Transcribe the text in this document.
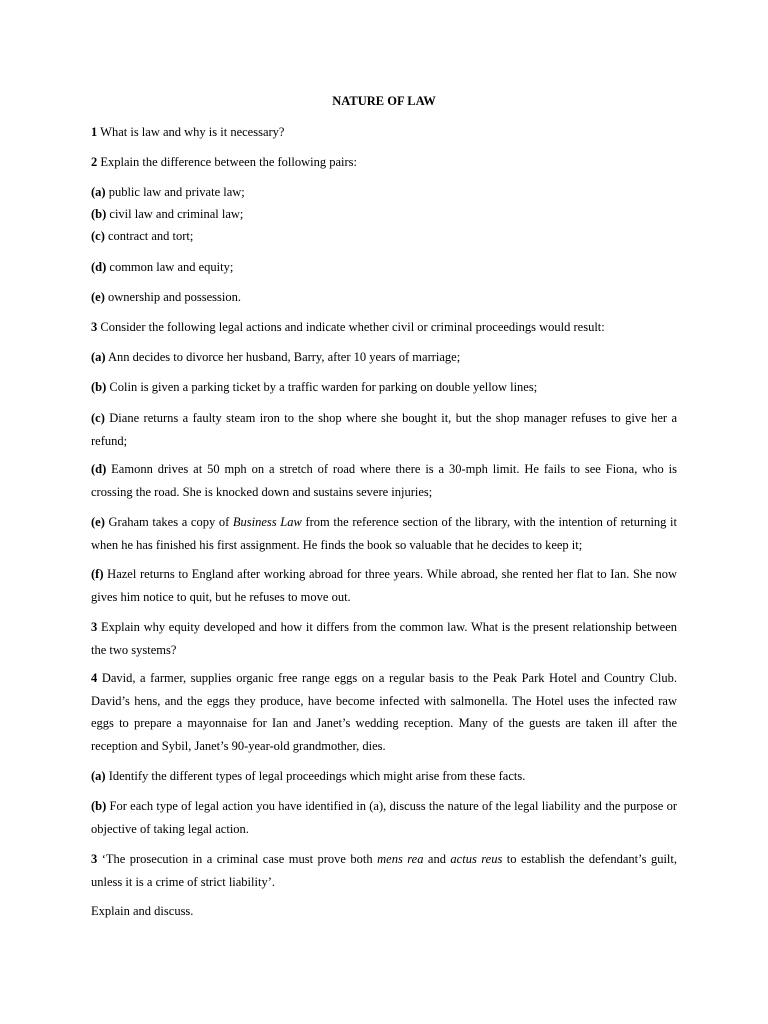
NATURE OF LAW

1 What is law and why is it necessary?

2 Explain the difference between the following pairs:

(a) public law and private law;

(b) civil law and criminal law;

(c) contract and tort;

(d) common law and equity;

(e) ownership and possession.

3 Consider the following legal actions and indicate whether civil or criminal proceedings would result:

(a) Ann decides to divorce her husband, Barry, after 10 years of marriage;

(b) Colin is given a parking ticket by a traffic warden for parking on double yellow lines;

(c) Diane returns a faulty steam iron to the shop where she bought it, but the shop manager refuses to give her a refund;

(d) Eamonn drives at 50 mph on a stretch of road where there is a 30-mph limit. He fails to see Fiona, who is crossing the road. She is knocked down and sustains severe injuries;

(e) Graham takes a copy of Business Law from the reference section of the library, with the intention of returning it when he has finished his first assignment. He finds the book so valuable that he decides to keep it;

(f) Hazel returns to England after working abroad for three years. While abroad, she rented her flat to Ian. She now gives him notice to quit, but he refuses to move out.

3 Explain why equity developed and how it differs from the common law. What is the present relationship between the two systems?

4 David, a farmer, supplies organic free range eggs on a regular basis to the Peak Park Hotel and Country Club. David’s hens, and the eggs they produce, have become infected with salmonella. The Hotel uses the infected raw eggs to prepare a mayonnaise for Ian and Janet’s wedding reception. Many of the guests are taken ill after the reception and Sybil, Janet’s 90-year-old grandmother, dies.

(a) Identify the different types of legal proceedings which might arise from these facts.

(b) For each type of legal action you have identified in (a), discuss the nature of the legal liability and the purpose or objective of taking legal action.

3 ‘The prosecution in a criminal case must prove both mens rea and actus reus to establish the defendant’s guilt, unless it is a crime of strict liability’.

Explain and discuss.
